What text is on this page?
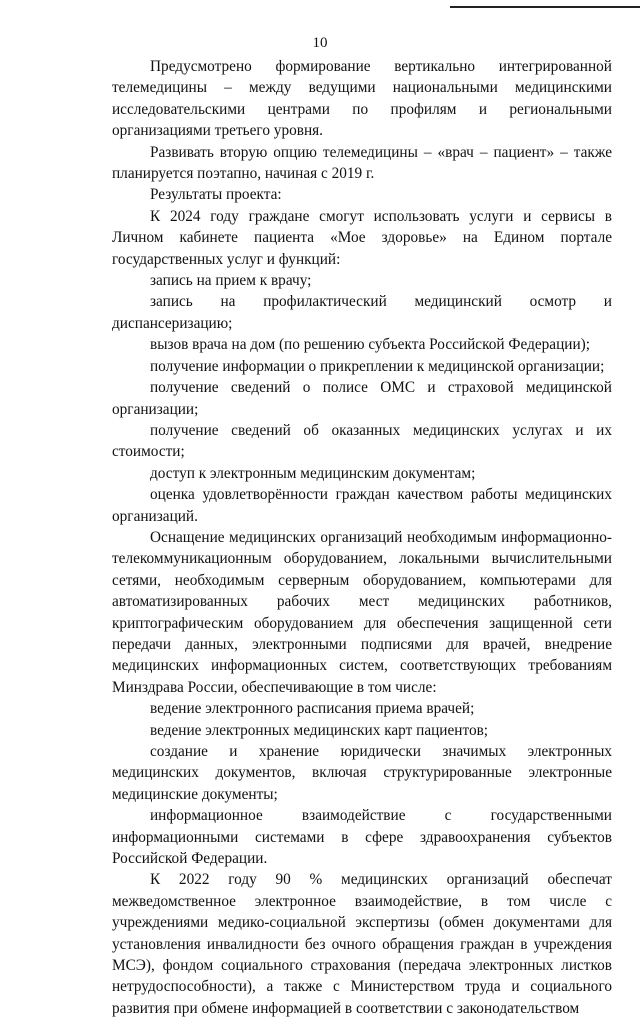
10

Предусмотрено формирование вертикально интегрированной телемедицины – между ведущими национальными медицинскими исследовательскими центрами по профилям и региональными организациями третьего уровня.

Развивать вторую опцию телемедицины – «врач – пациент» – также планируется поэтапно, начиная с 2019 г.

Результаты проекта:

К 2024 году граждане смогут использовать услуги и сервисы в Личном кабинете пациента «Мое здоровье» на Едином портале государственных услуг и функций:

запись на прием к врачу;

запись на профилактический медицинский осмотр и диспансеризацию;

вызов врача на дом (по решению субъекта Российской Федерации);

получение информации о прикреплении к медицинской организации;

получение сведений о полисе ОМС и страховой медицинской организации;

получение сведений об оказанных медицинских услугах и их стоимости;

доступ к электронным медицинским документам;

оценка удовлетворённости граждан качеством работы медицинских организаций.

Оснащение медицинских организаций необходимым информационно-телекоммуникационным оборудованием, локальными вычислительными сетями, необходимым серверным оборудованием, компьютерами для автоматизированных рабочих мест медицинских работников, криптографическим оборудованием для обеспечения защищенной сети передачи данных, электронными подписями для врачей, внедрение медицинских информационных систем, соответствующих требованиям Минздрава России, обеспечивающие в том числе:

ведение электронного расписания приема врачей;

ведение электронных медицинских карт пациентов;

создание и хранение юридически значимых электронных медицинских документов, включая структурированные электронные медицинские документы;

информационное взаимодействие с государственными информационными системами в сфере здравоохранения субъектов Российской Федерации.

К 2022 году 90 % медицинских организаций обеспечат межведомственное электронное взаимодействие, в том числе с учреждениями медико-социальной экспертизы (обмен документами для установления инвалидности без очного обращения граждан в учреждения МСЭ), фондом социального страхования (передача электронных листков нетрудоспособности), а также с Министерством труда и социального развития при обмене информацией в соответствии с законодательством
